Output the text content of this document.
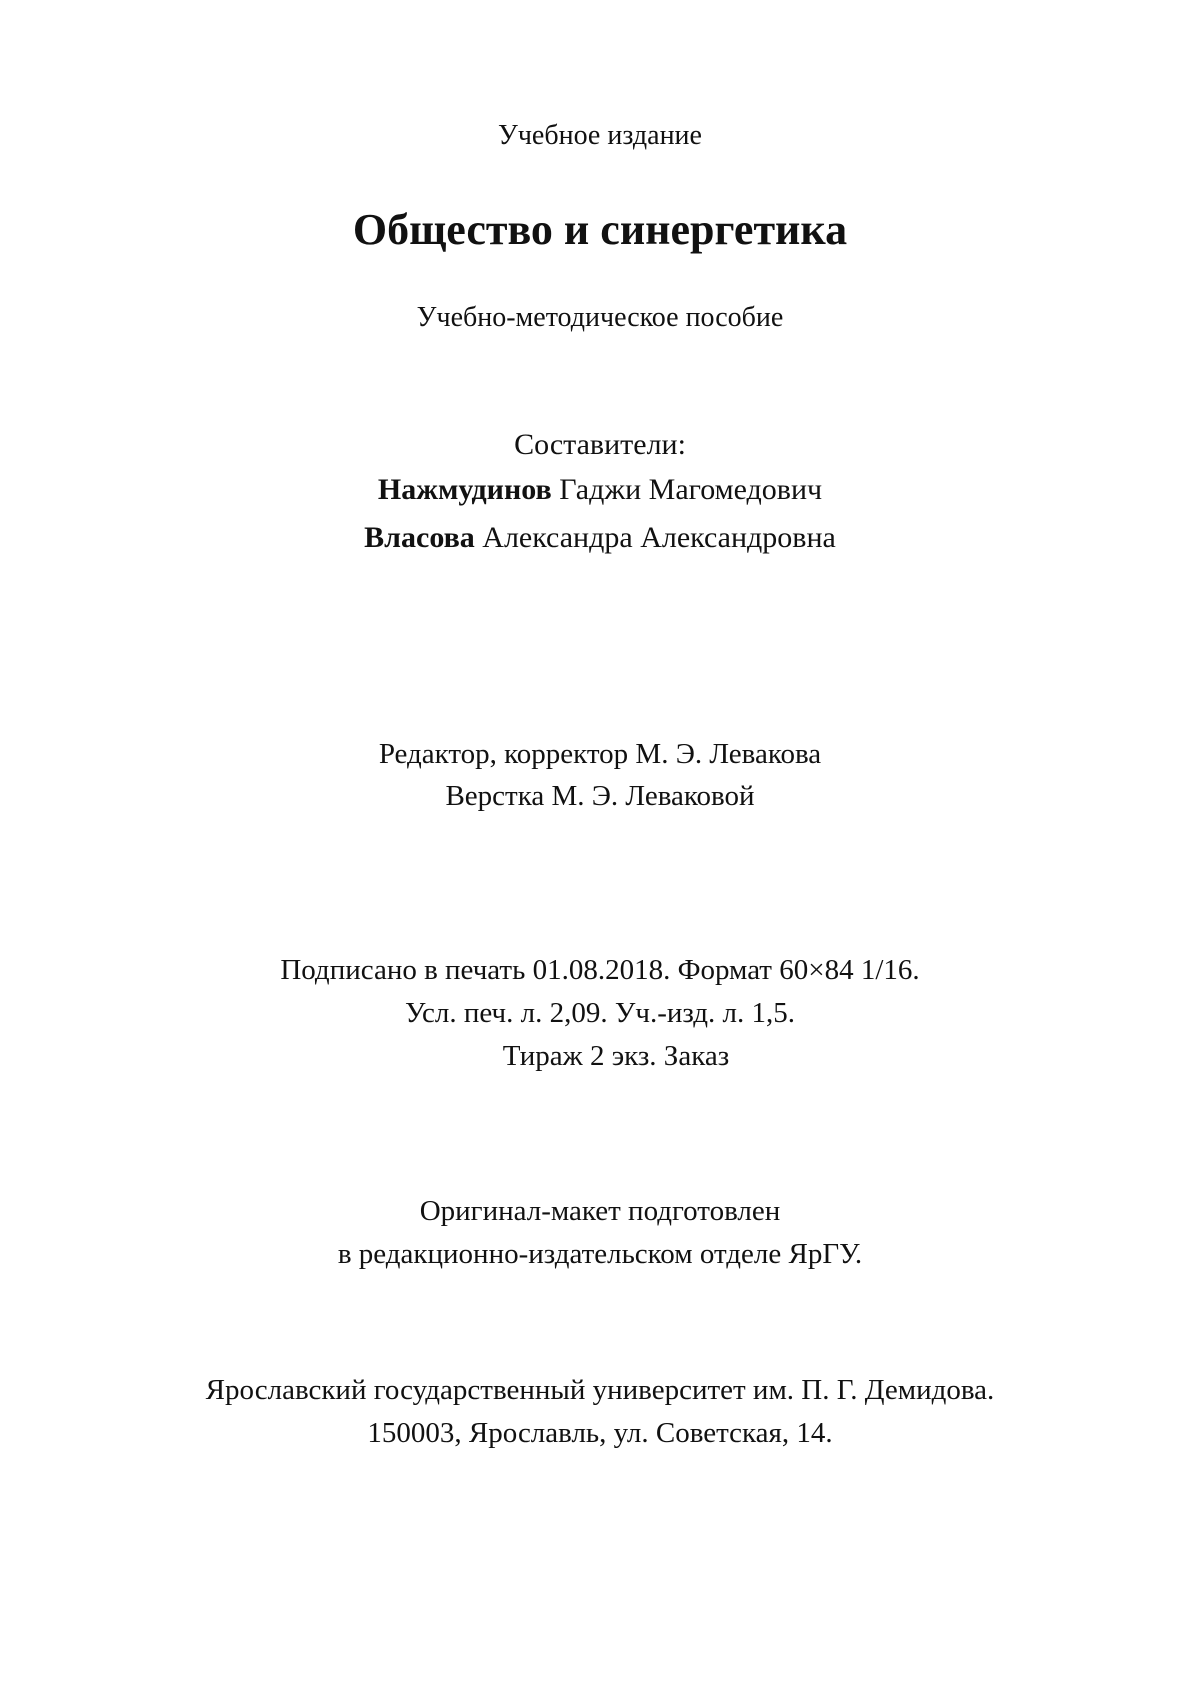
Учебное издание
Общество и синергетика
Учебно-методическое пособие
Составители:
Нажмудинов Гаджи Магомедович
Власова Александра Александровна
Редактор, корректор М. Э. Левакова
Верстка М. Э. Леваковой
Подписано в печать 01.08.2018. Формат 60×84 1/16.
Усл. печ. л. 2,09. Уч.-изд. л. 1,5.
Тираж 2 экз. Заказ
Оригинал-макет подготовлен
в редакционно-издательском отделе ЯрГУ.
Ярославский государственный университет им. П. Г. Демидова.
150003, Ярославль, ул. Советская, 14.
